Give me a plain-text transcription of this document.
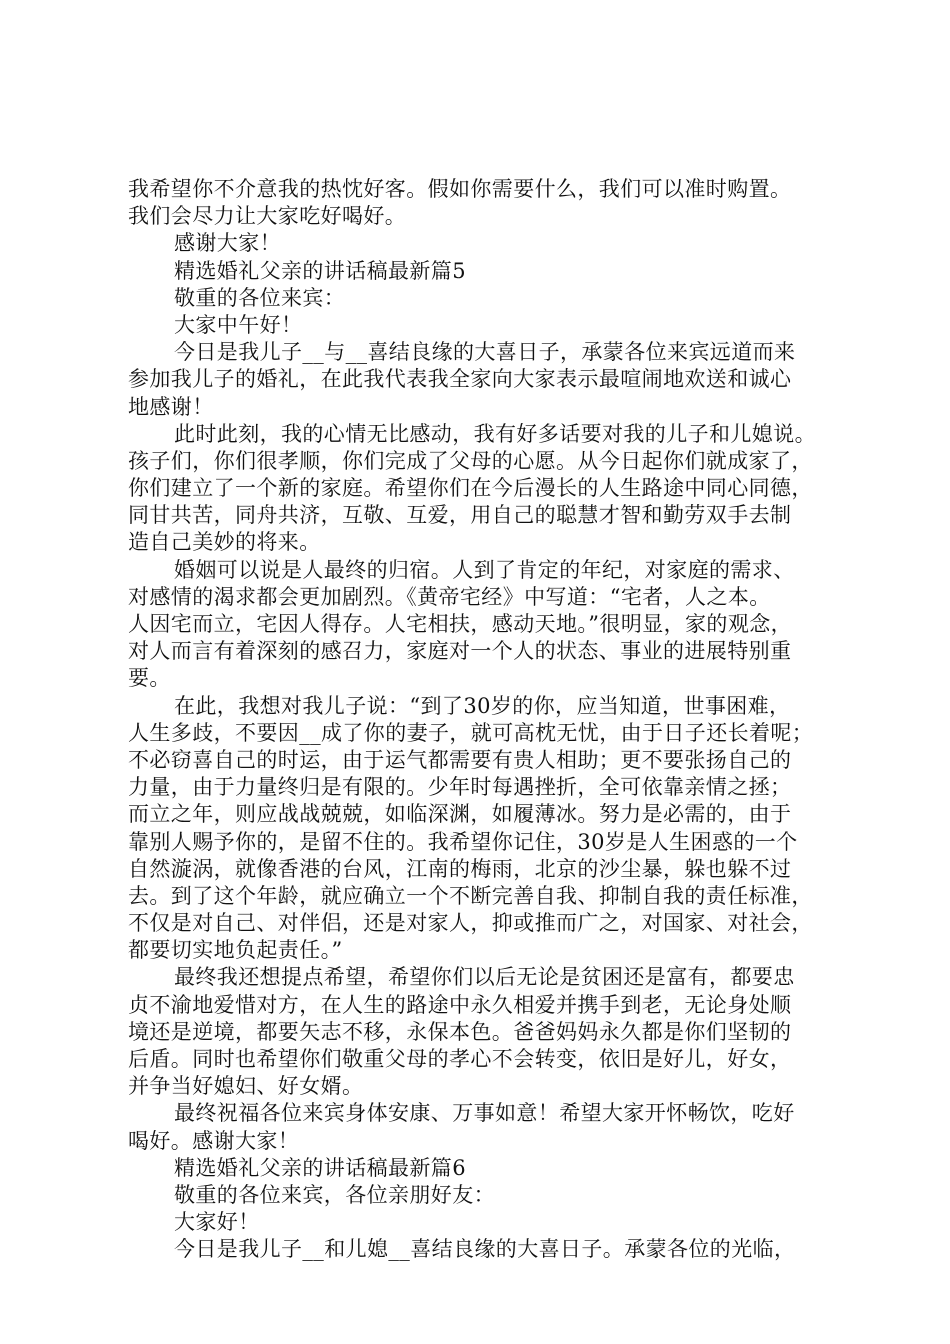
我希望你不介意我的热忱好客。假如你需要什么，我们可以准时购置。
我们会尽力让大家吃好喝好。
感谢大家！
精选婚礼父亲的讲话稿最新篇5
敬重的各位来宾：
大家中午好！
今日是我儿子__与__喜结良缘的大喜日子，承蒙各位来宾远道而来
参加我儿子的婚礼，在此我代表我全家向大家表示最喧闹地欢送和诚心
地感谢！
此时此刻，我的心情无比感动，我有好多话要对我的儿子和儿媳说。
孩子们，你们很孝顺，你们完成了父母的心愿。从今日起你们就成家了，
你们建立了一个新的家庭。希望你们在今后漫长的人生路途中同心同德，
同甘共苦，同舟共济，互敬、互爱，用自己的聪慧才智和勤劳双手去制
造自己美妙的将来。
婚姻可以说是人最终的归宿。人到了肯定的年纪，对家庭的需求、
对感情的渴求都会更加剧烈。《黄帝宅经》中写道：“宅者，人之本。
人因宅而立，宅因人得存。人宅相扶，感动天地。”很明显，家的观念，
对人而言有着深刻的感召力，家庭对一个人的状态、事业的进展特别重
要。
在此，我想对我儿子说：“到了30岁的你，应当知道，世事困难，
人生多歧，不要因__成了你的妻子，就可高枕无忧，由于日子还长着呢；
不必窃喜自己的时运，由于运气都需要有贵人相助；更不要张扬自己的
力量，由于力量终归是有限的。少年时每遇挫折，全可依靠亲情之拯；
而立之年，则应战战兢兢，如临深渊，如履薄冰。努力是必需的，由于
靠别人赐予你的，是留不住的。我希望你记住，30岁是人生困惑的一个
自然漩涡，就像香港的台风，江南的梅雨，北京的沙尘暴，躲也躲不过
去。到了这个年龄，就应确立一个不断完善自我、抑制自我的责任标准，
不仅是对自己、对伴侣，还是对家人，抑或推而广之，对国家、对社会，
都要切实地负起责任。”
最终我还想提点希望，希望你们以后无论是贫困还是富有，都要忠
贞不渝地爱惜对方，在人生的路途中永久相爱并携手到老，无论身处顺
境还是逆境，都要矢志不移，永保本色。爸爸妈妈永久都是你们坚韧的
后盾。同时也希望你们敬重父母的孝心不会转变，依旧是好儿，好女，
并争当好媳妇、好女婿。
最终祝福各位来宾身体安康、万事如意！希望大家开怀畅饮，吃好
喝好。感谢大家！
精选婚礼父亲的讲话稿最新篇6
敬重的各位来宾，各位亲朋好友：
大家好！
今日是我儿子__和儿媳__喜结良缘的大喜日子。承蒙各位的光临，
